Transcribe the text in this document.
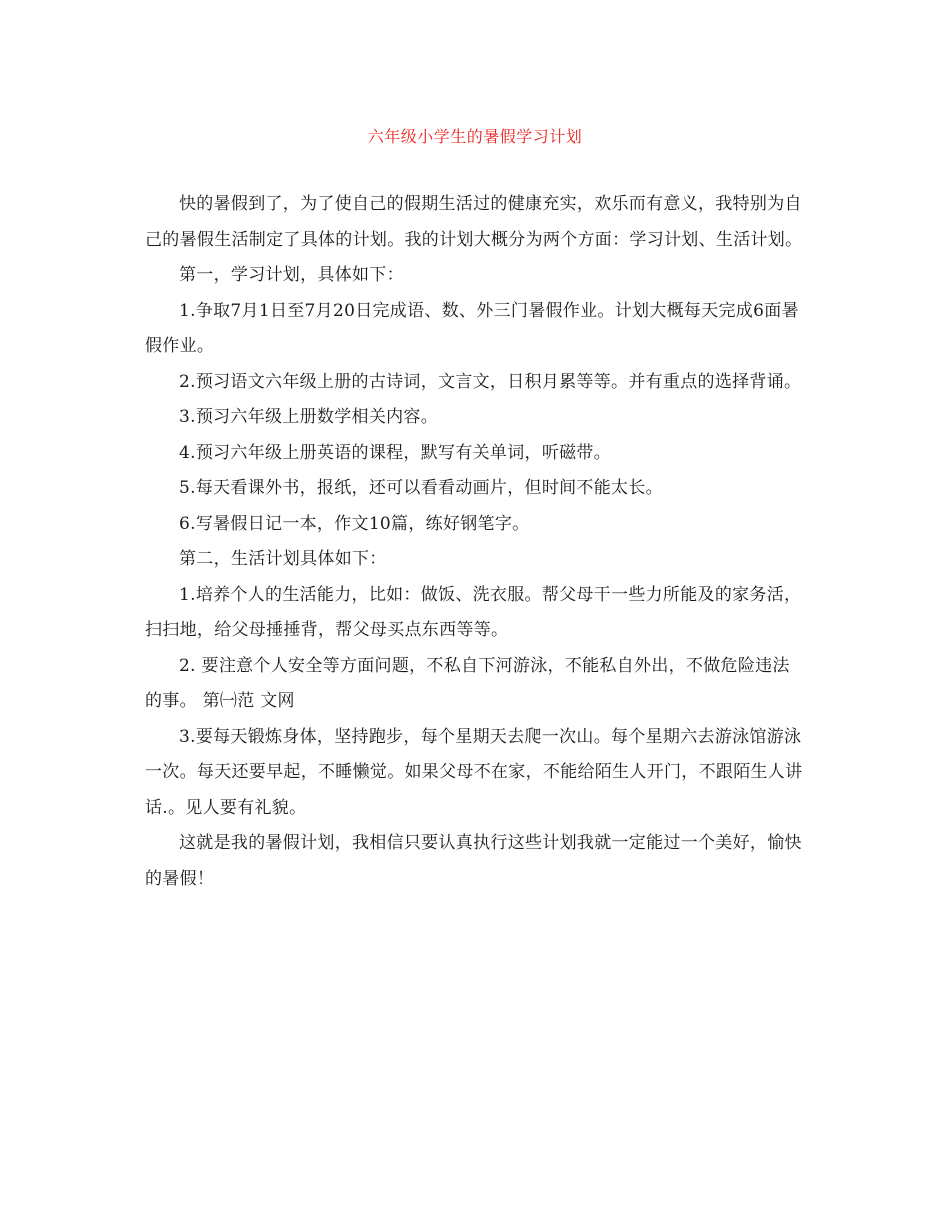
六年级小学生的暑假学习计划

快的暑假到了，为了使自己的假期生活过的健康充实，欢乐而有意义，我特别为自己的暑假生活制定了具体的计划。我的计划大概分为两个方面：学习计划、生活计划。

第一，学习计划，具体如下：

1.争取7月1日至7月20日完成语、数、外三门暑假作业。计划大概每天完成6面暑假作业。

2.预习语文六年级上册的古诗词，文言文，日积月累等等。并有重点的选择背诵。

3.预习六年级上册数学相关内容。

4.预习六年级上册英语的课程，默写有关单词，听磁带。

5.每天看课外书，报纸，还可以看看动画片，但时间不能太长。

6.写暑假日记一本，作文10篇，练好钢笔字。

第二，生活计划具体如下：

1.培养个人的生活能力，比如：做饭、洗衣服。帮父母干一些力所能及的家务活，扫扫地，给父母捶捶背，帮父母买点东西等等。

2. 要注意个人安全等方面问题，不私自下河游泳，不能私自外出，不做危险违法的事。 第㈠范 文网

3.要每天锻炼身体，坚持跑步，每个星期天去爬一次山。每个星期六去游泳馆游泳一次。每天还要早起，不睡懒觉。如果父母不在家，不能给陌生人开门，不跟陌生人讲话.。见人要有礼貌。

这就是我的暑假计划，我相信只要认真执行这些计划我就一定能过一个美好，愉快的暑假！
